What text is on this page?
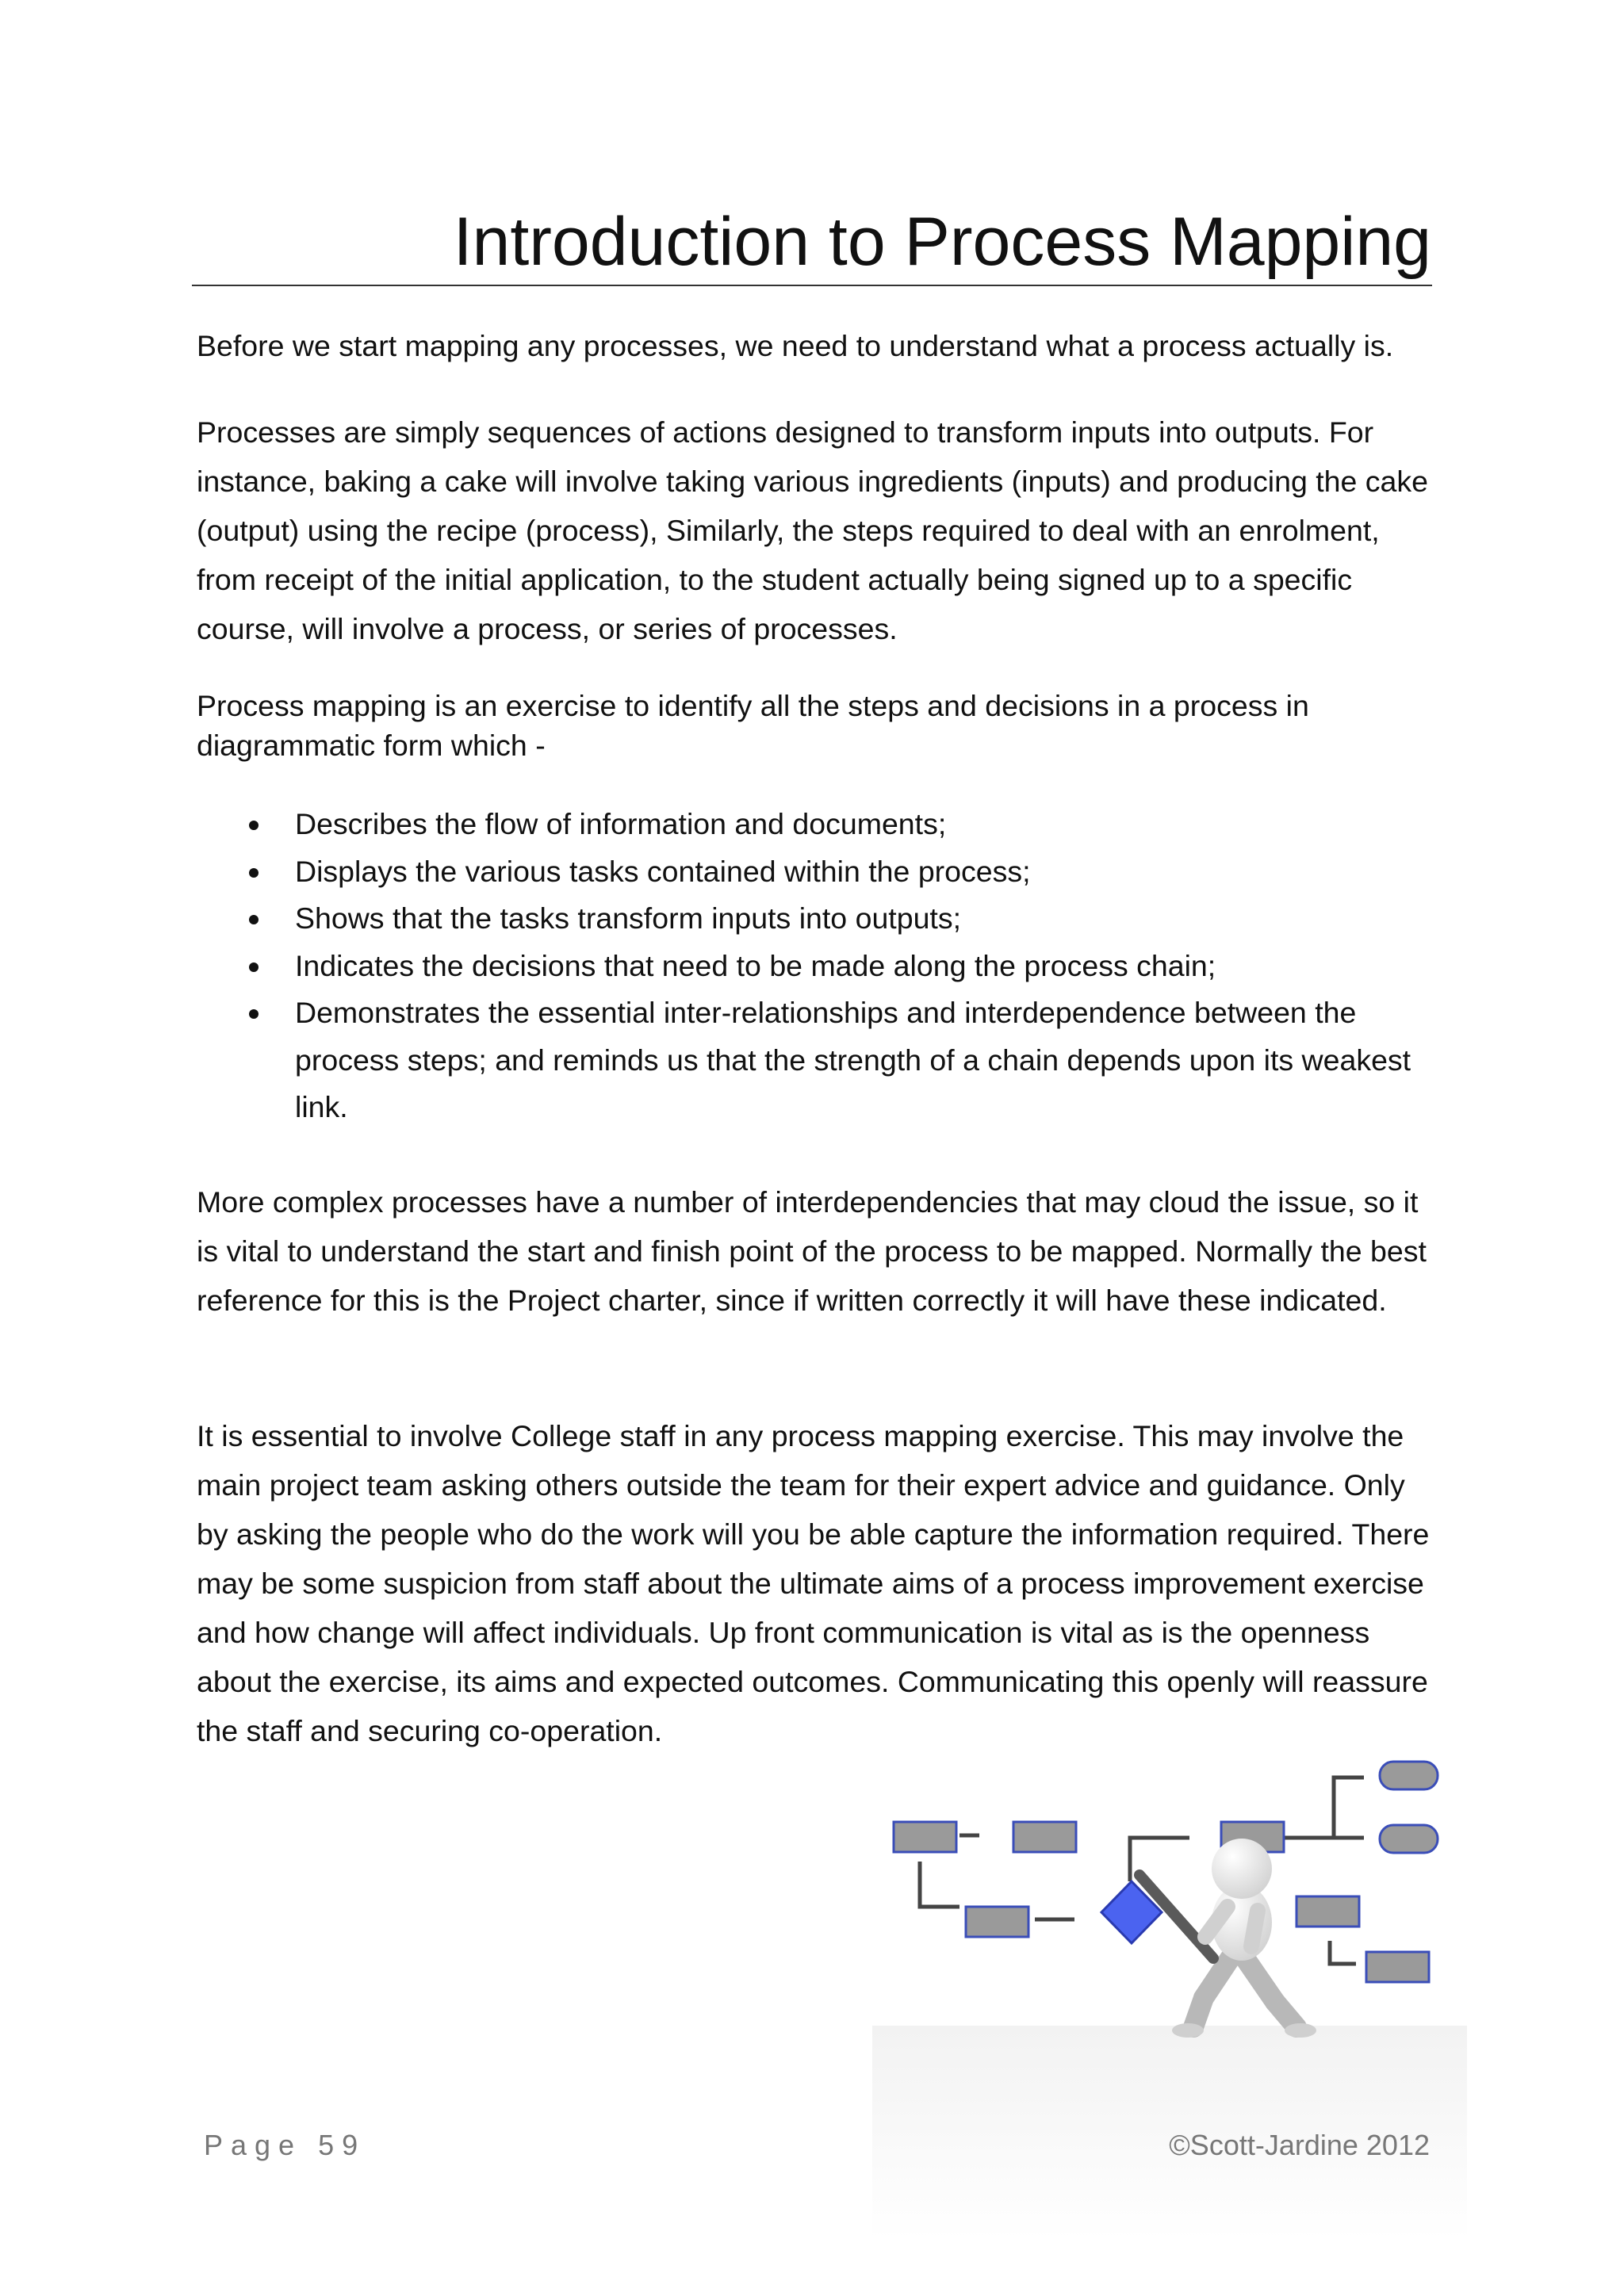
Introduction to Process Mapping

Before we start mapping any processes, we need to understand what a process actually is.

Processes are simply sequences of actions designed to transform inputs into outputs. For instance, baking a cake will involve taking various ingredients (inputs) and producing the cake (output) using the recipe (process), Similarly, the steps required to deal with an enrolment, from receipt of the initial application, to the student actually being signed up to a specific course, will involve a process, or series of processes.

Process mapping is an exercise to identify all the steps and decisions in a process in diagrammatic form which -

Describes the flow of information and documents;
Displays the various tasks contained within the process;
Shows that the tasks transform inputs into outputs;
Indicates the decisions that need to be made along the process chain;
Demonstrates the essential inter-relationships and interdependence between the process steps; and reminds us that the strength of a chain depends upon its weakest link.

More complex processes have a number of interdependencies that may cloud the issue, so it is vital to understand the start and finish point of the process to be mapped. Normally the best reference for this is the Project charter, since if written correctly it will have these indicated.

It is essential to involve College staff in any process mapping exercise. This may involve the main project team asking others outside the team for their expert advice and guidance. Only by asking the people who do the work will you be able capture the information required. There may be some suspicion from staff about the ultimate aims of a process improvement exercise and how change will affect individuals. Up front communication is vital as is the openness about the exercise, its aims and expected outcomes. Communicating this openly will reassure the staff and securing co-operation.

Page 59	©Scott-Jardine 2012
